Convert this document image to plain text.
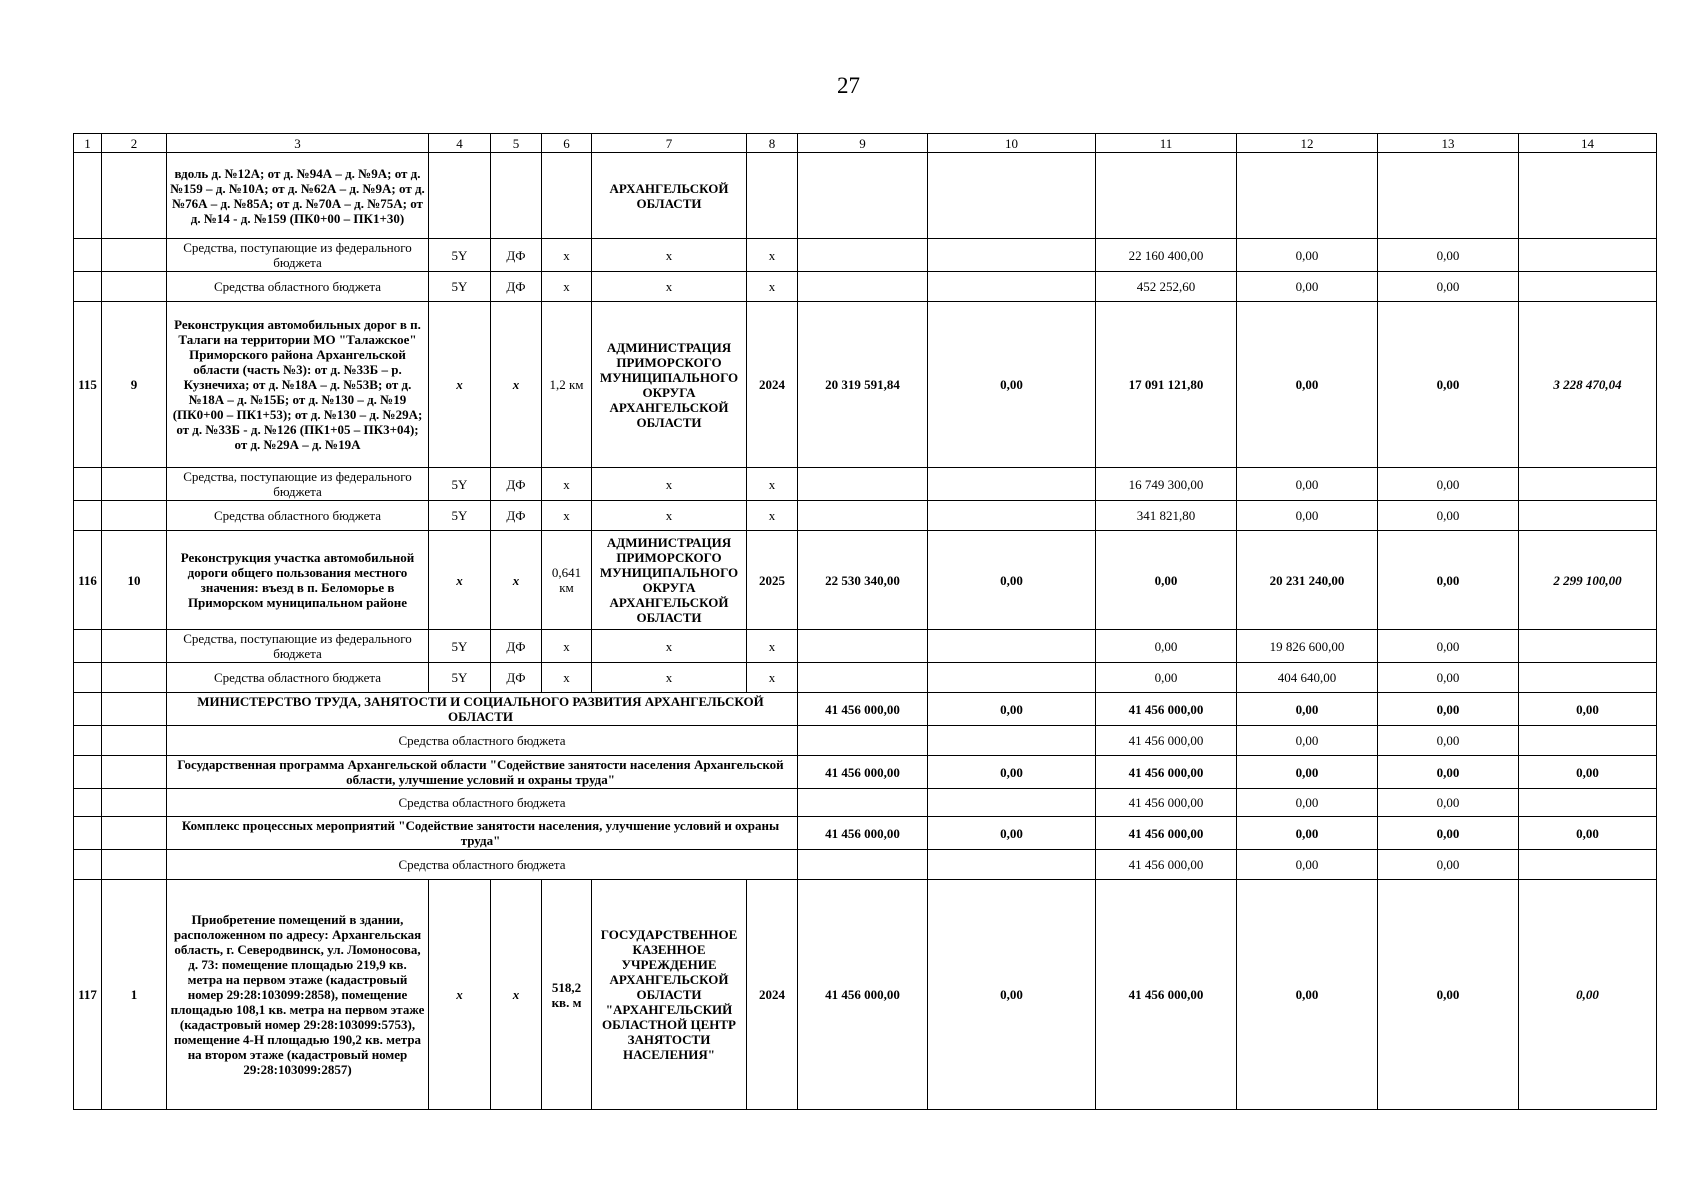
27
1	2	3	4	5	6	7	8	9	10	11	12	13	14
		вдоль д. №12А; от д. №94А – д. №9А; от д. №159 – д. №10А; от д. №62А – д. №9А; от д. №76А – д. №85А; от д. №70А – д. №75А; от д. №14 - д. №159 (ПК0+00 – ПК1+30)				АРХАНГЕЛЬСКОЙ ОБЛАСТИ							
		Средства, поступающие из федерального бюджета	5Y	ДФ	x	x	x			22 160 400,00	0,00	0,00	
		Средства областного бюджета	5Y	ДФ	x	x	x			452 252,60	0,00	0,00	
115	9	Реконструкция автомобильных дорог в п. Талаги на территории МО "Талажское" Приморского района Архангельской области (часть №3): от д. №33Б – р. Кузнечиха; от д. №18А – д. №53В; от д. №18А – д. №15Б; от д. №130 – д. №19 (ПК0+00 – ПК1+53); от д. №130 – д. №29А; от д. №33Б - д. №126 (ПК1+05 – ПК3+04); от д. №29А – д. №19А	x	x	1,2 км	АДМИНИСТРАЦИЯ ПРИМОРСКОГО МУНИЦИПАЛЬНОГО ОКРУГА АРХАНГЕЛЬСКОЙ ОБЛАСТИ	2024	20 319 591,84	0,00	17 091 121,80	0,00	0,00	3 228 470,04
		Средства, поступающие из федерального бюджета	5Y	ДФ	x	x	x			16 749 300,00	0,00	0,00	
		Средства областного бюджета	5Y	ДФ	x	x	x			341 821,80	0,00	0,00	
116	10	Реконструкция участка автомобильной дороги общего пользования местного значения: въезд в п. Беломорье в Приморском муниципальном районе	x	x	0,641 км	АДМИНИСТРАЦИЯ ПРИМОРСКОГО МУНИЦИПАЛЬНОГО ОКРУГА АРХАНГЕЛЬСКОЙ ОБЛАСТИ	2025	22 530 340,00	0,00	0,00	20 231 240,00	0,00	2 299 100,00
		Средства, поступающие из федерального бюджета	5Y	ДФ	x	x	x			0,00	19 826 600,00	0,00	
		Средства областного бюджета	5Y	ДФ	x	x	x			0,00	404 640,00	0,00	
		МИНИСТЕРСТВО ТРУДА, ЗАНЯТОСТИ И СОЦИАЛЬНОГО РАЗВИТИЯ АРХАНГЕЛЬСКОЙ ОБЛАСТИ						41 456 000,00	0,00	41 456 000,00	0,00	0,00	0,00
		Средства областного бюджета								41 456 000,00	0,00	0,00	
		Государственная программа Архангельской области "Содействие занятости населения Архангельской области, улучшение условий и охраны труда"						41 456 000,00	0,00	41 456 000,00	0,00	0,00	0,00
		Средства областного бюджета								41 456 000,00	0,00	0,00	
		Комплекс процессных мероприятий "Содействие занятости населения, улучшение условий и охраны труда"						41 456 000,00	0,00	41 456 000,00	0,00	0,00	0,00
		Средства областного бюджета								41 456 000,00	0,00	0,00	
117	1	Приобретение помещений в здании, расположенном по адресу: Архангельская область, г. Северодвинск, ул. Ломоносова, д. 73: помещение площадью 219,9 кв. метра на первом этаже (кадастровый номер 29:28:103099:2858), помещение площадью 108,1 кв. метра на первом этаже (кадастровый номер 29:28:103099:5753), помещение 4-Н площадью 190,2 кв. метра на втором этаже (кадастровый номер 29:28:103099:2857)	x	x	518,2 кв. м	ГОСУДАРСТВЕННОЕ КАЗЕННОЕ УЧРЕЖДЕНИЕ АРХАНГЕЛЬСКОЙ ОБЛАСТИ "АРХАНГЕЛЬСКИЙ ОБЛАСТНОЙ ЦЕНТР ЗАНЯТОСТИ НАСЕЛЕНИЯ"	2024	41 456 000,00	0,00	41 456 000,00	0,00	0,00	0,00
